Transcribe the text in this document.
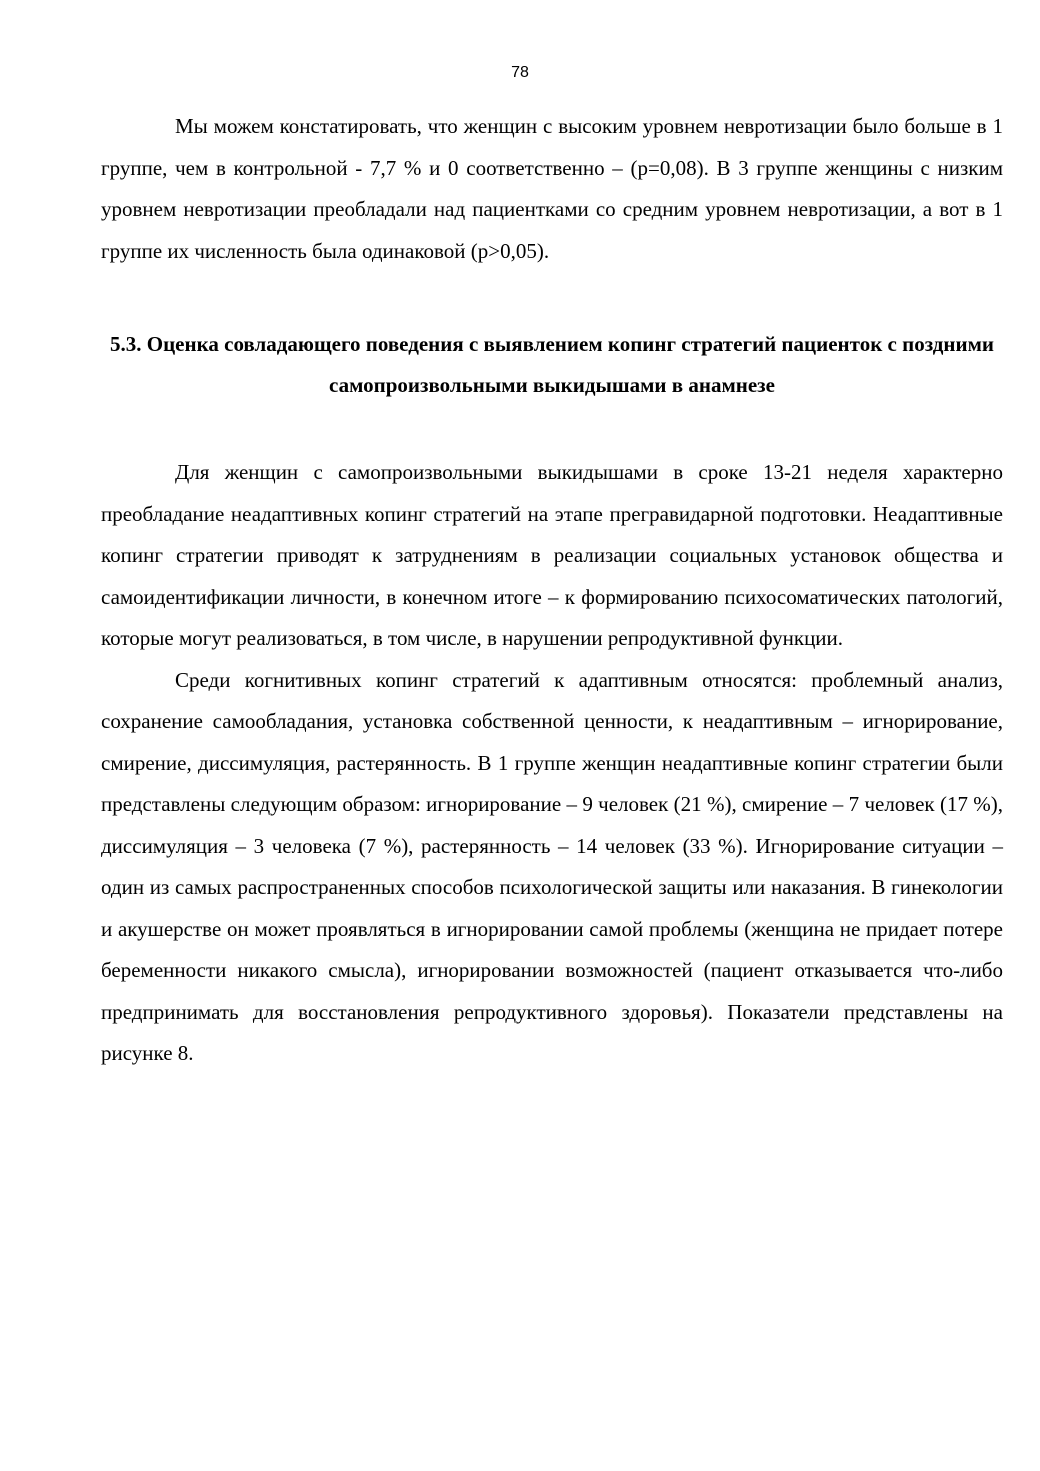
78

Мы можем констатировать, что женщин с высоким уровнем невротизации было больше в 1 группе, чем в контрольной - 7,7 % и 0 соответственно – (р=0,08). В 3 группе женщины с низким уровнем невротизации преобладали над пациентками со средним уровнем невротизации, а вот в 1 группе их численность была одинаковой (р>0,05).

5.3. Оценка совладающего поведения с выявлением копинг стратегий пациенток с поздними самопроизвольными выкидышами в анамнезе

Для женщин с самопроизвольными выкидышами в сроке 13-21 неделя характерно преобладание неадаптивных копинг стратегий на этапе прегравидарной подготовки. Неадаптивные копинг стратегии приводят к затруднениям в реализации социальных установок общества и самоидентификации личности, в конечном итоге – к формированию психосоматических патологий, которые могут реализоваться, в том числе, в нарушении репродуктивной функции.

Среди когнитивных копинг стратегий к адаптивным относятся: проблемный анализ, сохранение самообладания, установка собственной ценности, к неадаптивным – игнорирование, смирение, диссимуляция, растерянность. В 1 группе женщин неадаптивные копинг стратегии были представлены следующим образом: игнорирование – 9 человек (21 %), смирение – 7 человек (17 %), диссимуляция – 3 человека (7 %), растерянность – 14 человек (33 %). Игнорирование ситуации – один из самых распространенных способов психологической защиты или наказания. В гинекологии и акушерстве он может проявляться в игнорировании самой проблемы (женщина не придает потере беременности никакого смысла), игнорировании возможностей (пациент отказывается что-либо предпринимать для восстановления репродуктивного здоровья). Показатели представлены на рисунке 8.
